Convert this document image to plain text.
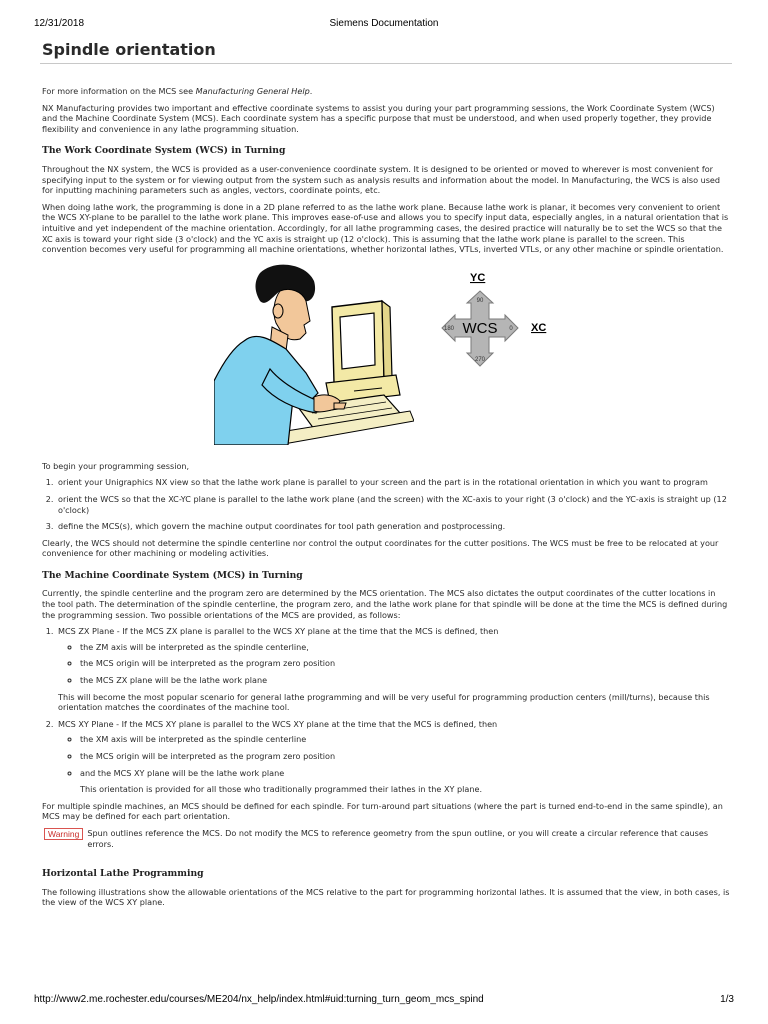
12/31/2018	Siemens Documentation
Spindle orientation

For more information on the MCS see Manufacturing General Help.

NX Manufacturing provides two important and effective coordinate systems to assist you during your part programming sessions, the Work Coordinate System (WCS) and the Machine Coordinate System (MCS). Each coordinate system has a specific purpose that must be understood, and when used properly together, they provide flexibility and convenience in any lathe programming situation.

The Work Coordinate System (WCS) in Turning

Throughout the NX system, the WCS is provided as a user-convenience coordinate system. It is designed to be oriented or moved to wherever is most convenient for specifying input to the system or for viewing output from the system such as analysis results and information about the model. In Manufacturing, the WCS is also used for inputting machining parameters such as angles, vectors, coordinate points, etc.

When doing lathe work, the programming is done in a 2D plane referred to as the lathe work plane. Because lathe work is planar, it becomes very convenient to orient the WCS XY-plane to be parallel to the lathe work plane. This improves ease-of-use and allows you to specify input data, especially angles, in a natural orientation that is intuitive and yet independent of the machine orientation. Accordingly, for all lathe programming cases, the desired practice will naturally be to set the WCS so that the XC axis is toward your right side (3 o'clock) and the YC axis is straight up (12 o'clock). This is assuming that the lathe work plane is parallel to the screen. This convention becomes very useful for programming all machine orientations, whether horizontal lathes, VTLs, inverted VTLs, or any other machine or spindle orientation.

YC
WCS
90
180	0
270
XC

To begin your programming session,

1. orient your Unigraphics NX view so that the lathe work plane is parallel to your screen and the part is in the rotational orientation in which you want to program
2. orient the WCS so that the XC-YC plane is parallel to the lathe work plane (and the screen) with the XC-axis to your right (3 o'clock) and the YC-axis is straight up (12 o'clock)
3. define the MCS(s), which govern the machine output coordinates for tool path generation and postprocessing.

Clearly, the WCS should not determine the spindle centerline nor control the output coordinates for the cutter positions. The WCS must be free to be relocated at your convenience for other machining or modeling activities.

The Machine Coordinate System (MCS) in Turning

Currently, the spindle centerline and the program zero are determined by the MCS orientation. The MCS also dictates the output coordinates of the cutter locations in the tool path. The determination of the spindle centerline, the program zero, and the lathe work plane for that spindle will be done at the time the MCS is defined during the programming session. Two possible orientations of the MCS are provided, as follows:

1. MCS ZX Plane - If the MCS ZX plane is parallel to the WCS XY plane at the time that the MCS is defined, then
◦ the ZM axis will be interpreted as the spindle centerline,
◦ the MCS origin will be interpreted as the program zero position
◦ the MCS ZX plane will be the lathe work plane

This will become the most popular scenario for general lathe programming and will be very useful for programming production centers (mill/turns), because this orientation matches the coordinates of the machine tool.

2. MCS XY Plane - If the MCS XY plane is parallel to the WCS XY plane at the time that the MCS is defined, then
◦ the XM axis will be interpreted as the spindle centerline
◦ the MCS origin will be interpreted as the program zero position
◦ and the MCS XY plane will be the lathe work plane

This orientation is provided for all those who traditionally programmed their lathes in the XY plane.

For multiple spindle machines, an MCS should be defined for each spindle. For turn-around part situations (where the part is turned end-to-end in the same spindle), an MCS may be defined for each part orientation.

Warning Spun outlines reference the MCS. Do not modify the MCS to reference geometry from the spun outline, or you will create a circular reference that causes errors.
Horizontal Lathe Programming

The following illustrations show the allowable orientations of the MCS relative to the part for programming horizontal lathes. It is assumed that the view, in both cases, is the view of the WCS XY plane.

http://www2.me.rochester.edu/courses/ME204/nx_help/index.html#uid:turning_turn_geom_mcs_spind	1/3
